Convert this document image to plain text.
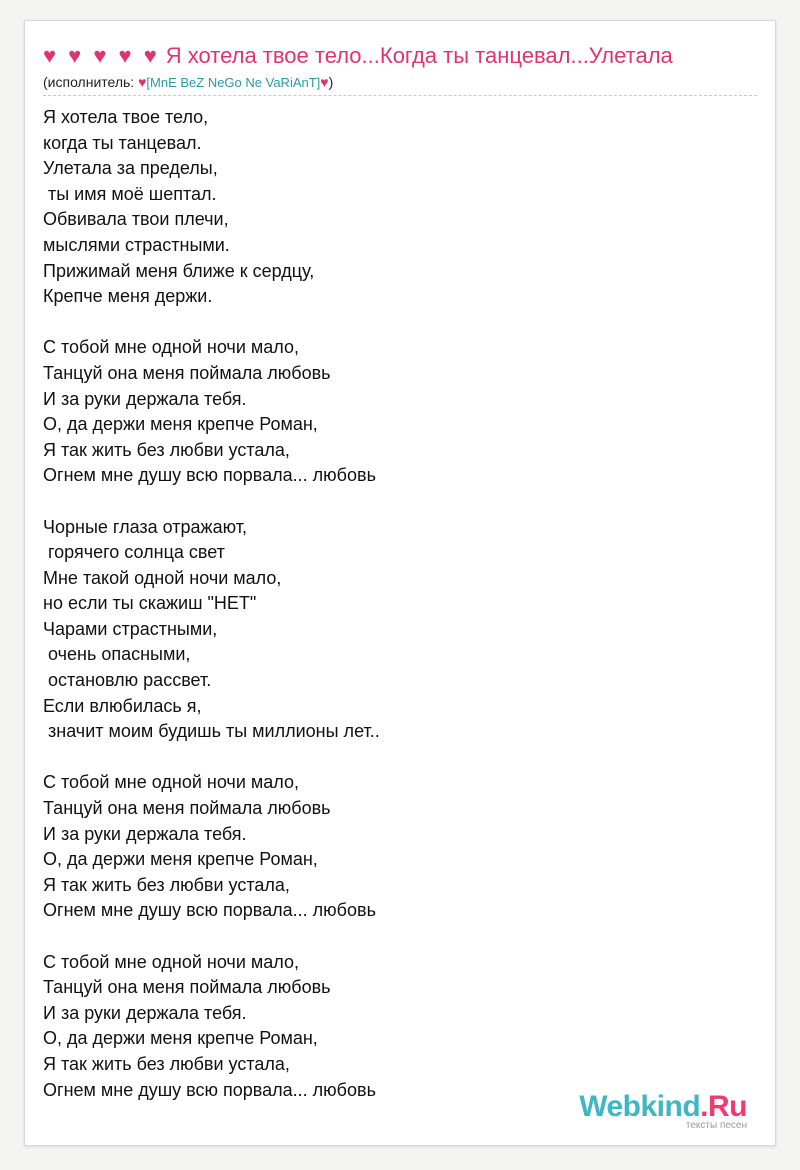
♥ ♥ ♥ ♥ ♥ Я хотела твое тело...Когда ты танцевал...Улетала
(исполнитель: ♥[MnE BeZ NeGo Ne VaRiAnT]♥)
Я хотела твое тело,
когда ты танцевал.
Улетала за пределы,
ты имя моё шептал.
Обвивала твои плечи,
мыслями страстными.
Прижимай меня ближе к сердцу,
Крепче меня держи.
С тобой мне одной ночи мало,
Танцуй она меня поймала любовь
И за руки держала тебя.
О, да держи меня крепче Роман,
Я так жить без любви устала,
Огнем мне душу всю порвала... любовь
Чорные глаза отражают,
горячего солнца свет
Мне такой одной ночи мало,
но если ты скажиш "НЕТ"
Чарами страстными,
очень опасными,
остановлю рассвет.
Если влюбилась я,
значит моим будишь ты миллионы лет..
С тобой мне одной ночи мало,
Танцуй она меня поймала любовь
И за руки держала тебя.
О, да держи меня крепче Роман,
Я так жить без любви устала,
Огнем мне душу всю порвала... любовь
С тобой мне одной ночи мало,
Танцуй она меня поймала любовь
И за руки держала тебя.
О, да держи меня крепче Роман,
Я так жить без любви устала,
Огнем мне душу всю порвала... любовь
Webkind.Ru
тексты песен
